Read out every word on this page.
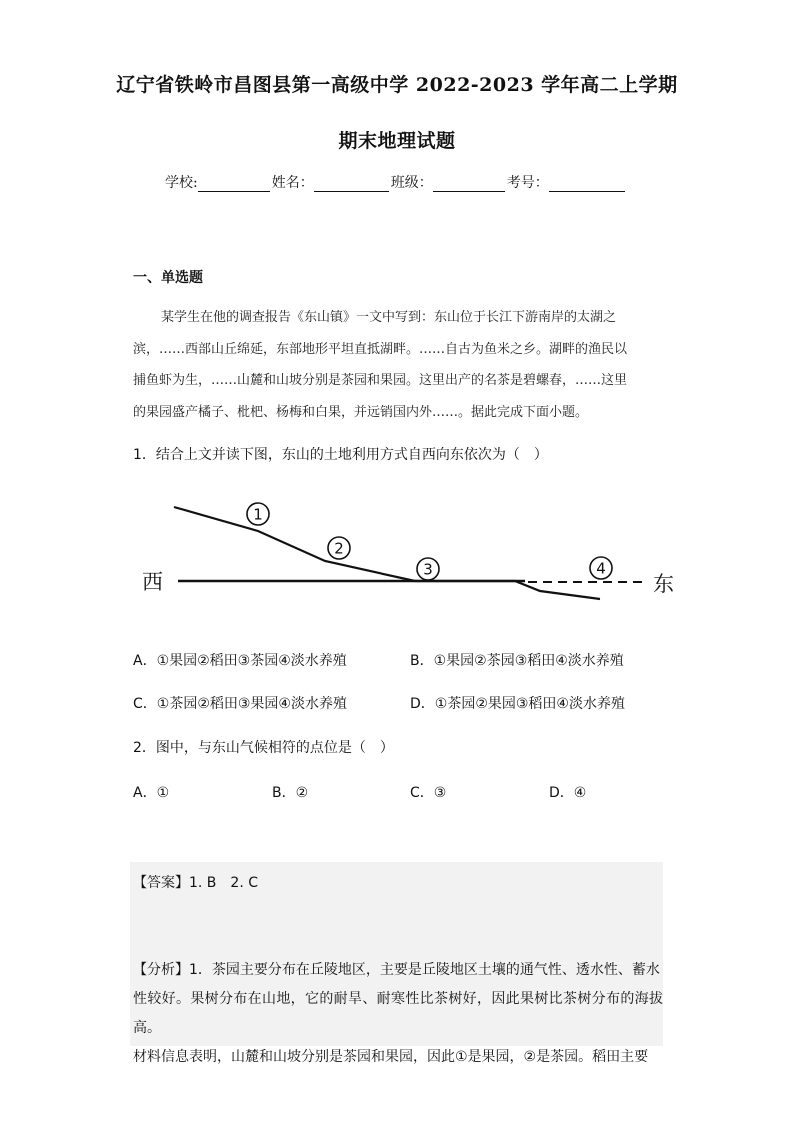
辽宁省铁岭市昌图县第一高级中学 2022-2023 学年高二上学期
期末地理试题
学校:	姓名：	班级：	考号：
一、单选题

某学生在他的调查报告《东山镇》一文中写到：东山位于长江下游南岸的太湖之

滨，……西部山丘绵延，东部地形平坦直抵湖畔。……自古为鱼米之乡。湖畔的渔民以
捕鱼虾为生，……山麓和山坡分别是茶园和果园。这里出产的名茶是碧螺春，……这里
的果园盛产橘子、枇杷、杨梅和白果，并远销国内外……。据此完成下面小题。
1．结合上文并读下图，东山的土地利用方式自西向东依次为（　）
西	东
1
2
3	4
A．①果园②稻田③茶园④淡水养殖	B．①果园②茶园③稻田④淡水养殖
C．①茶园②稻田③果园④淡水养殖	D．①茶园②果园③稻田④淡水养殖
2．图中，与东山气候相符的点位是（　）
A．①	B．②	C．③	D．④
【答案】1. B　2. C

【分析】1．茶园主要分布在丘陵地区，主要是丘陵地区土壤的通气性、透水性、蓄水

性较好。果树分布在山地，它的耐旱、耐寒性比茶树好，因此果树比茶树分布的海拔高。

材料信息表明，山麓和山坡分别是茶园和果园，因此①是果园，②是茶园。稻田主要
